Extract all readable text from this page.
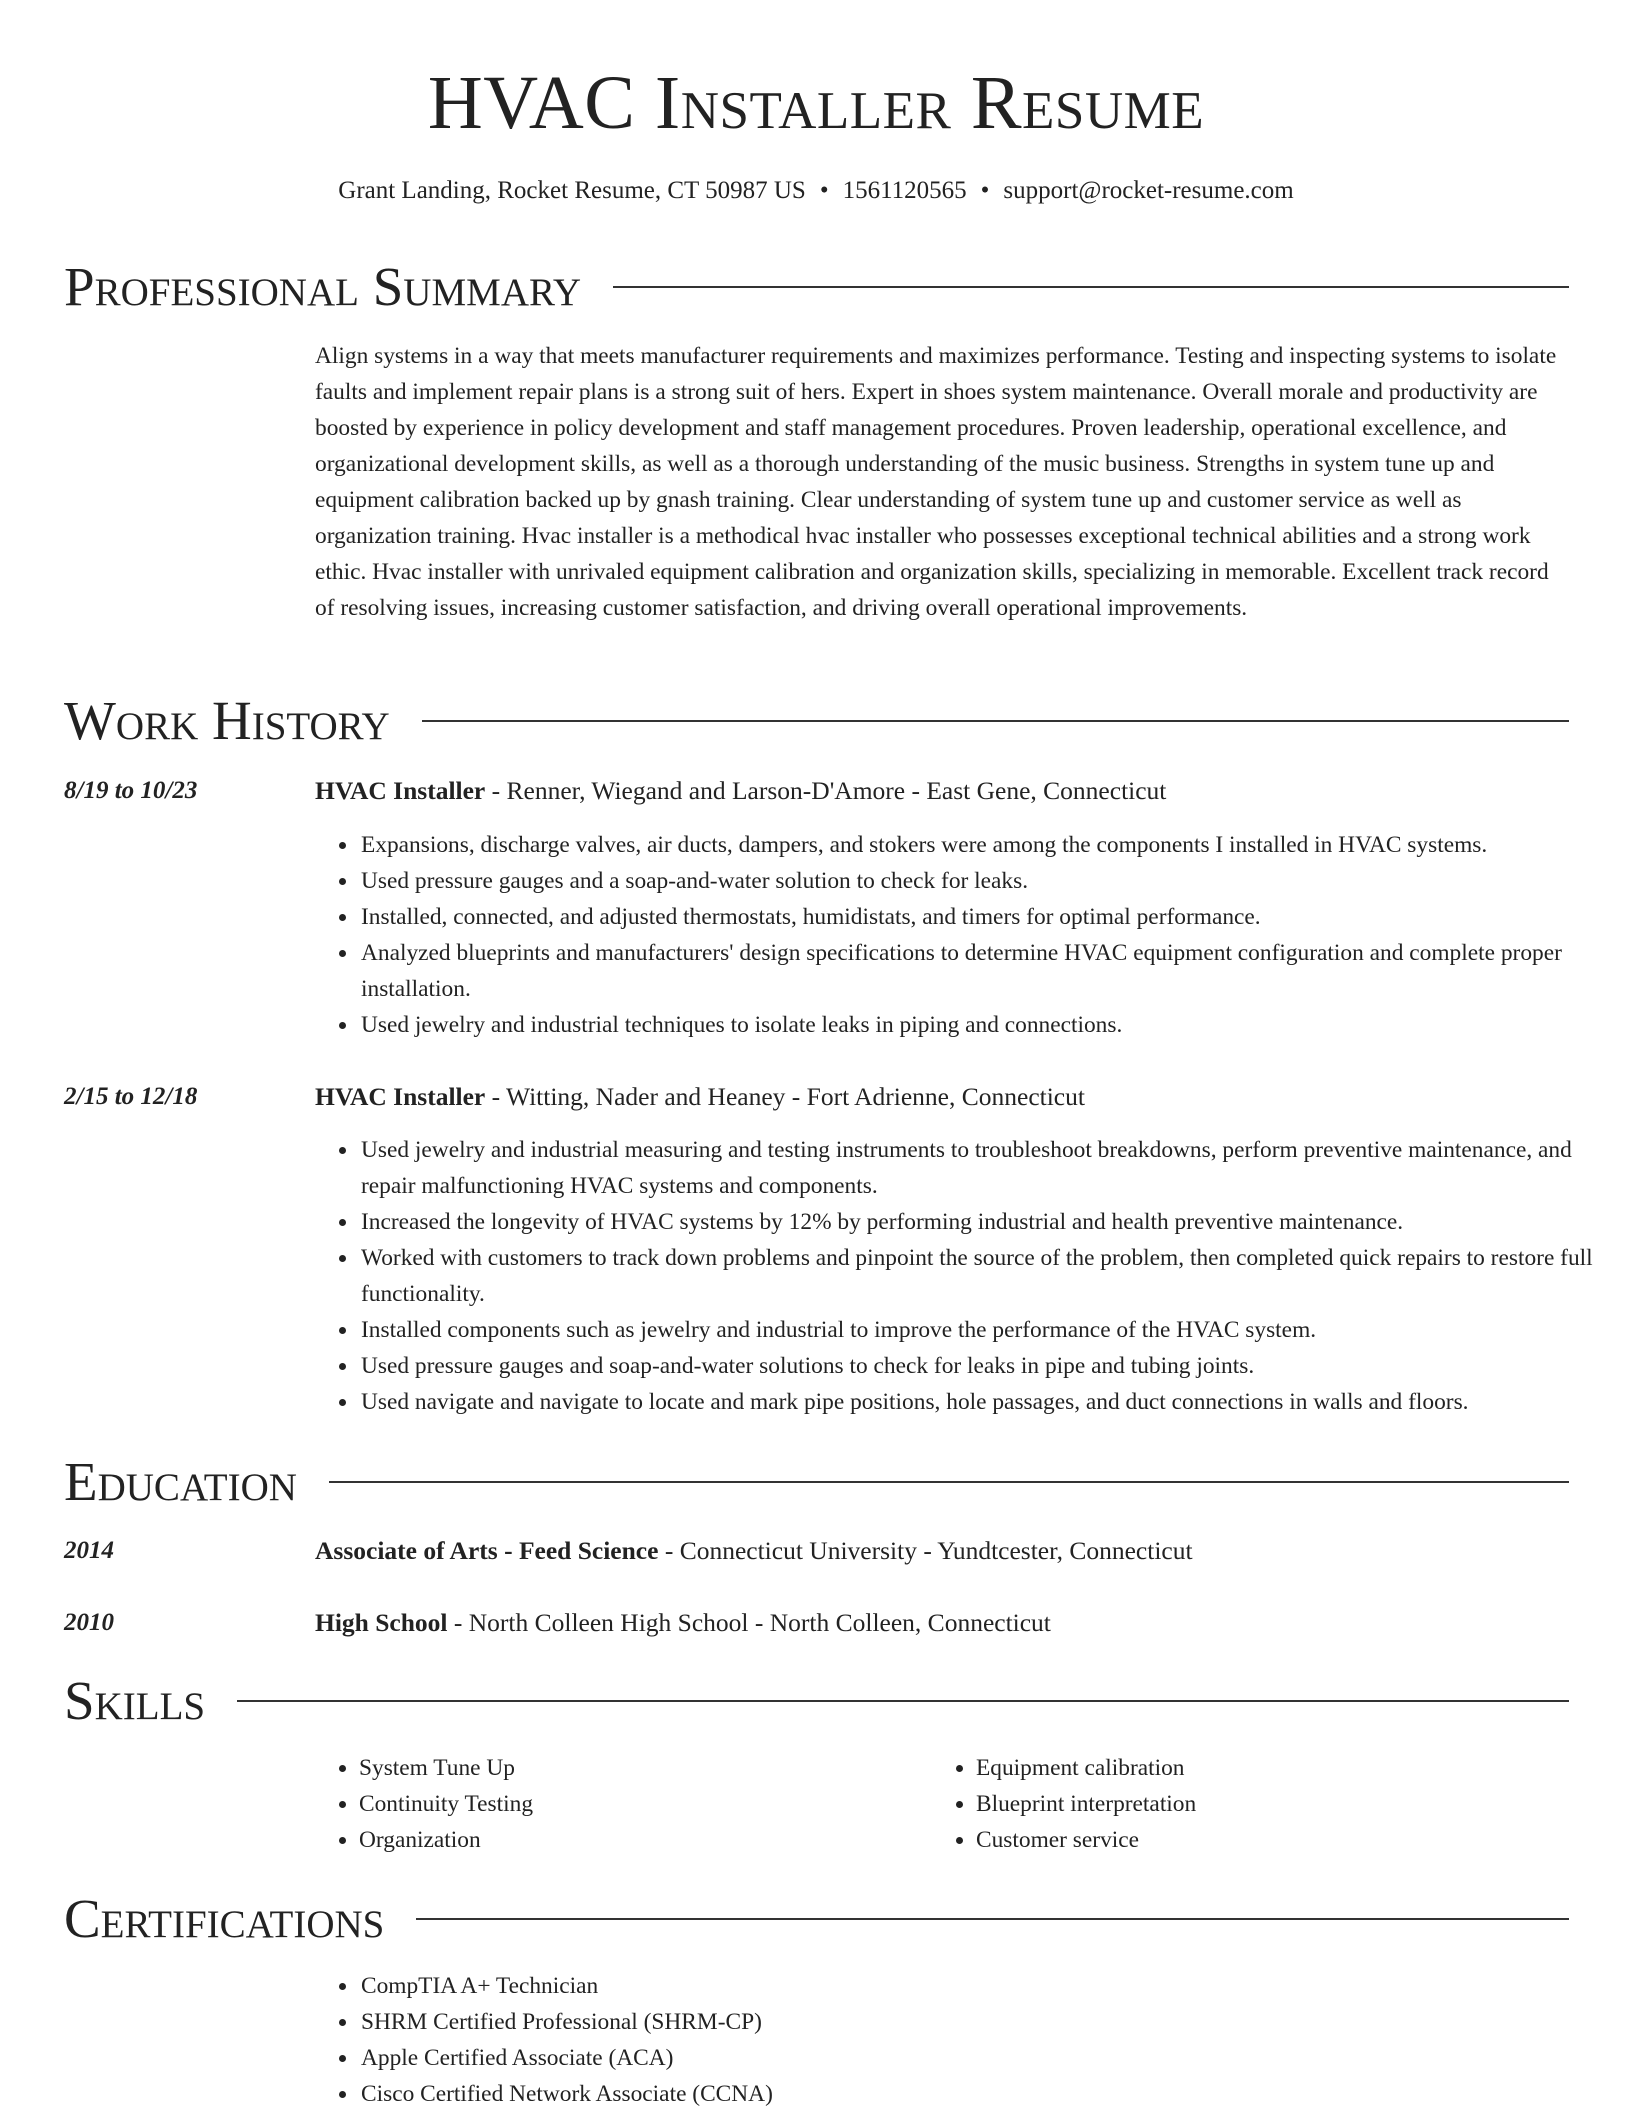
HVAC Installer Resume
Grant Landing, Rocket Resume, CT 50987 US • 1561120565 • support@rocket-resume.com
Professional Summary

Align systems in a way that meets manufacturer requirements and maximizes performance. Testing and inspecting systems to isolate faults and implement repair plans is a strong suit of hers. Expert in shoes system maintenance. Overall morale and productivity are boosted by experience in policy development and staff management procedures. Proven leadership, operational excellence, and organizational development skills, as well as a thorough understanding of the music business. Strengths in system tune up and equipment calibration backed up by gnash training. Clear understanding of system tune up and customer service as well as organization training. Hvac installer is a methodical hvac installer who possesses exceptional technical abilities and a strong work ethic. Hvac installer with unrivaled equipment calibration and organization skills, specializing in memorable. Excellent track record of resolving issues, increasing customer satisfaction, and driving overall operational improvements.

Work History
8/19 to 10/23	HVAC Installer - Renner, Wiegand and Larson-D'Amore - East Gene, Connecticut
• Expansions, discharge valves, air ducts, dampers, and stokers were among the components I installed in HVAC systems.
• Used pressure gauges and a soap-and-water solution to check for leaks.
• Installed, connected, and adjusted thermostats, humidistats, and timers for optimal performance.
• Analyzed blueprints and manufacturers' design specifications to determine HVAC equipment configuration and complete proper installation.
• Used jewelry and industrial techniques to isolate leaks in piping and connections.
2/15 to 12/18	HVAC Installer - Witting, Nader and Heaney - Fort Adrienne, Connecticut
• Used jewelry and industrial measuring and testing instruments to troubleshoot breakdowns, perform preventive maintenance, and repair malfunctioning HVAC systems and components.
• Increased the longevity of HVAC systems by 12% by performing industrial and health preventive maintenance.
• Worked with customers to track down problems and pinpoint the source of the problem, then completed quick repairs to restore full functionality.
• Installed components such as jewelry and industrial to improve the performance of the HVAC system.
• Used pressure gauges and soap-and-water solutions to check for leaks in pipe and tubing joints.
• Used navigate and navigate to locate and mark pipe positions, hole passages, and duct connections in walls and floors.
Education
2014	Associate of Arts - Feed Science - Connecticut University - Yundtcester, Connecticut
2010	High School - North Colleen High School - North Colleen, Connecticut
Skills
• System Tune Up
• Continuity Testing
• Organization
• Equipment calibration
• Blueprint interpretation
• Customer service
Certifications
• CompTIA A+ Technician
• SHRM Certified Professional (SHRM-CP)
• Apple Certified Associate (ACA)
• Cisco Certified Network Associate (CCNA)
